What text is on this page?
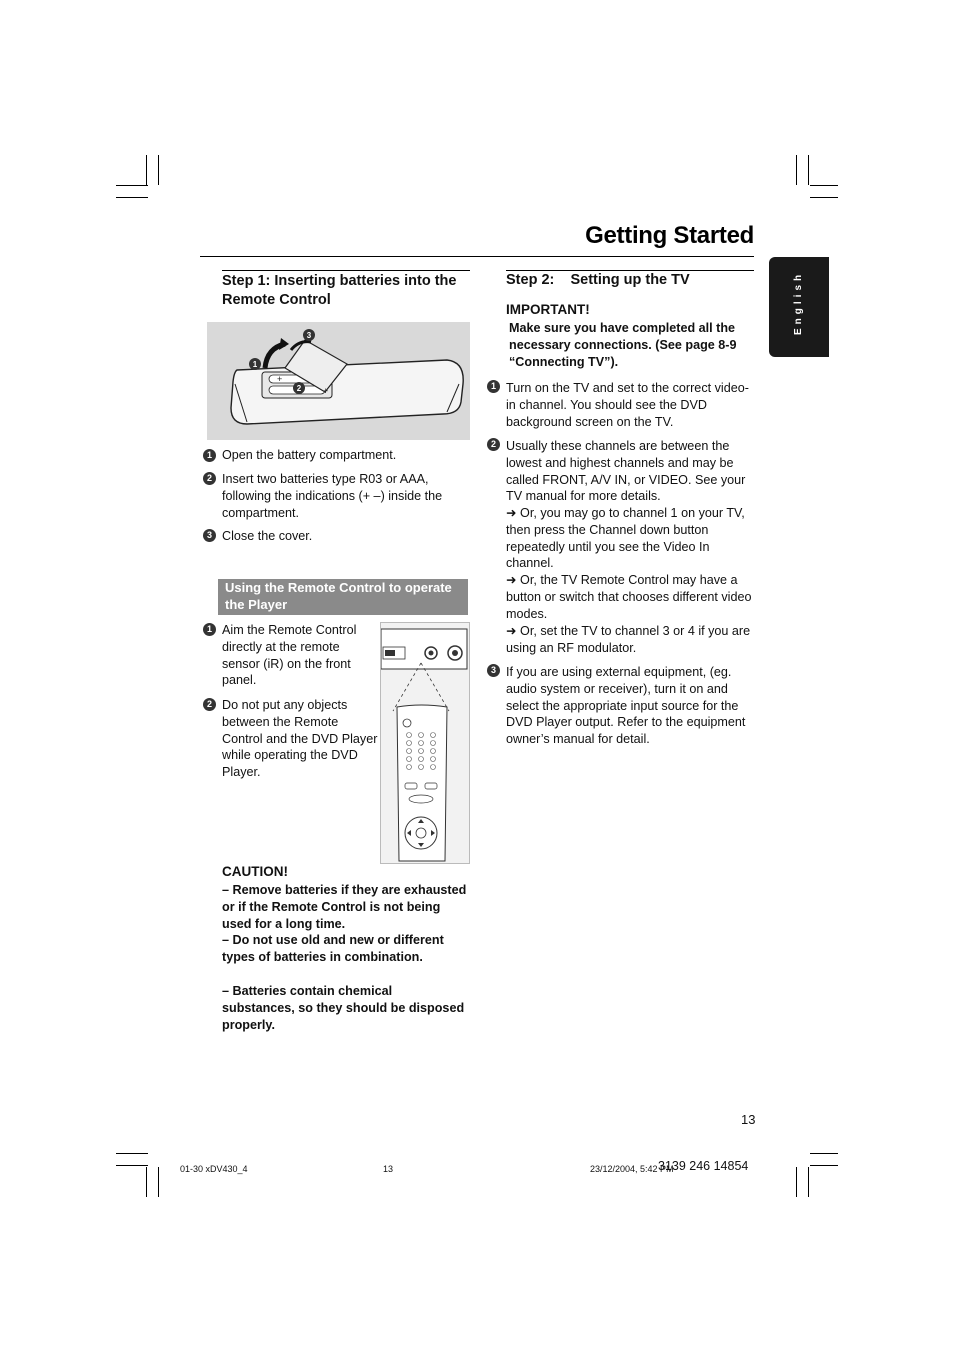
Getting Started
English
Step 1: Inserting batteries into the Remote Control
+
+
1
2
3
1 Open the battery compartment.
2 Insert two batteries type R03 or AAA, following the indications (+ –) inside the compartment.
3 Close the cover.
Using the Remote Control to operate the Player
1 Aim the Remote Control directly at the remote sensor (iR) on the front panel.
2 Do not put any objects between the Remote Control and the DVD Player while operating the DVD Player.
CAUTION!
– Remove batteries if they are exhausted or if the Remote Control is not being used for a long time.
– Do not use old and new or different types of batteries in combination.
– Batteries contain chemical substances, so they should be disposed properly.
Step 2:    Setting up the TV
IMPORTANT!
Make sure you have completed all the necessary connections. (See page 8-9 “Connecting TV”).
1 Turn on the TV and set to the correct video-in channel. You should see the DVD background screen on the TV.
2 Usually these channels are between the lowest and highest channels and may be called FRONT, A/V IN, or VIDEO. See your TV manual for more details.
➜ Or, you may go to channel 1 on your TV, then press the Channel down button repeatedly until you see the Video In channel.
➜ Or, the TV Remote Control may have a button or switch that chooses different video modes.
➜ Or, set the TV to channel 3 or 4 if you are using an RF modulator.
3 If you are using external equipment, (eg. audio system or receiver), turn it on and select the appropriate input source for the DVD Player output. Refer to the equipment owner’s manual for detail.
13
01-30 xDV430_4	13	23/12/2004, 5:42 PM
3139 246 14854
